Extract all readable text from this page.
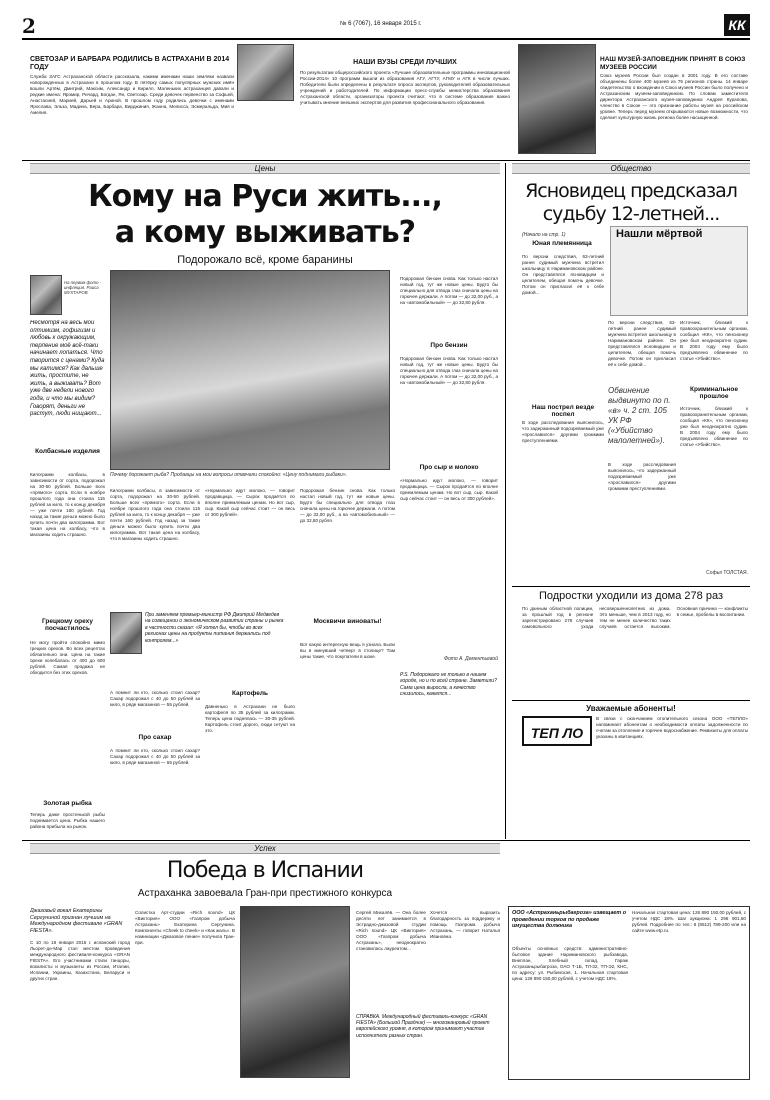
2	№ 6 (7067), 16 января 2015 г.	КК
СВЕТОЗАР И БАРБАРА РОДИЛИСЬ В АСТРАХАНИ В 2014 ГОДУ
Служба ЗАГС Астраханской области рассказала, какими именами наши земляки назвали новорожденных в Астрахани в прошлом году. В пятёрку самых популярных мужских имён вошли Артём, Дмитрий, Максим, Александр и Кирилл. Маленьких астраханцев давали и редкие имена: Яромир, Ричард, Богдан, Ян, Светозар. Среди девочек первенство за Софьей, Анастасией, Марией, Дарьей и Ариной. В прошлом году родились девочки с именами Ярослава, Эльза, Мадина, Вера, Барбара, Вирджиния, Жанна, Мелисса, Эсмеральда, Мия и Амелия.
НАШИ ВУЗЫ СРЕДИ ЛУЧШИХ
По результатам общероссийского проекта «Лучшие образовательные программы инновационной России-2014» 10 программ вышли из образования АГУ, АГТУ, АГМУ и АГК в числе лучших. Победители были определены в результате опроса экспертов, руководителей образовательных учреждений и работодателей. По информации пресс-службы министерства образования Астраханской области, организаторы проекта считают, что в системе образования важно учитывать мнение внешних экспертов для развития профессионального образования.
НАШ МУЗЕЙ-ЗАПОВЕДНИК ПРИНЯТ В СОЮЗ МУЗЕЕВ РОССИИ
Союз музеев России был создан в 2001 году. В его составе объединены более 400 музеев из 75 регионов страны. 14 январе свидетельство о вхождении в Союз музеев России было получено и Астраханским музеем-заповедником. По словам заместителя директора Астраханского музея-заповедника Андрея Курапова, членство в Союзе — это признание работы музея на российском уровне. Теперь перед музеем открываются новые возможности, что сделает культурную жизнь региона более насыщенной.
Цены
Кому на Руси жить...,
а кому выживать?
Подорожало всё, кроме баранины
На первом фото - инфляция. Раиса МУХТАРОВ
Несмотря на весь мой оптимизм, гофигизм и любовь к окружающим, терпение моё всё-таки начинает лопаться. Что творится с ценами? Куда мы катимся? Как дальше жить, простите, не жить, а выживать? Вот уже две недели нового года, и что мы видим? Говорят, деньги не растут, люди нищают...
Колбасные изделия
Килограмм колбасы, в зависимости от сорта, подорожал на 30-50 рублей. Больше всех «прямого» сорта. Если в ноябре прошлого года она стоила 115 рублей за кило, то к концу декабря — уже почти 160 рублей. Год назад за такие деньги можно было купить почти два килограмма. Вот такая цена на колбасу, что в магазины ходить страшно.
Грецкому ореху посчастилось
Не могу пройти спокойно мимо грецких орехов. Во всех рецептах обязательно они. Цена на такие орехи колебалась от 400 до 600 рублей. Самая продажа не обходится без этих орехов.
Золотая рыбка
Теперь даже простенькой рыбы поднимается цена. Рыбка нашего района прибыла на рынок.
Почему дорожает рыба? Продавцы на мои вопросы отвечали спокойно: «Цену поднимали рыбаки».
Килограмм колбасы, в зависимости от сорта, подорожал на 30-50 рублей. Больше всех «прямого» сорта. Если в ноябре прошлого года она стоила 115 рублей за кило, то к концу декабря — уже почти 160 рублей. Год назад за такие деньги можно было купить почти два килограмма. Вот такая цена на колбасу, что в магазины ходить страшно.
При заменяем премьер-министр РФ Дмитрий Медведев на совещании о экономическом развитии страны и рынка в частности сказал: «Я хотел бы, чтобы во всех регионах цены на продукты питания держались под контролем...»
«Нормально идут молоко, — говорит продавщица. — Сырок продаётся по вполне приемлемым ценам. Но вот сыр, сыр. Какой сыр сейчас стоит — он весь от 300 рублей».
Подорожал бензин снова. Как только настал новый год, тут же новые цены. Будто бы специально для отвода глаз сначала цены на горючее держали. А потом — до 32,00 руб., а на «автомобильный» — до 32,80 рубля.
А помнит ли кто, сколько стоил сахар? Сахар подорожал с 40 до 50 рублей за кило, в ряде магазинов — 55 рублей.
Про сахар
А помнит ли кто, сколько стоил сахар? Сахар подорожал с 40 до 50 рублей за кило, в ряде магазинов — 55 рублей.
Картофель
Давненько в Астрахани не было картофеля по 35 рублей за килограмм. Теперь цена поднялась — 30-35 рублей. Картофель стоит дорого, люди сетуют на это.
Москвичи виноваты!
Вот какую интересную вещь я узнала. Были вы в минувший четверг в столице? Там цены такие, что покупатели в шоке.
Подорожал бензин снова. Как только настал новый год, тут же новые цены. Будто бы специально для отвода глаз сначала цены на горючее держали. А потом — до 32,00 руб., а на «автомобильный» — до 32,80 рубля.
Про бензин
Подорожал бензин снова. Как только настал новый год, тут же новые цены. Будто бы специально для отвода глаз сначала цены на горючее держали. А потом — до 32,00 руб., а на «автомобильный» — до 32,80 рубля.
Про сыр и молоко
«Нормально идут молоко, — говорит продавщица. — Сырок продаётся по вполне приемлемым ценам. Но вот сыр, сыр. Какой сыр сейчас стоит — он весь от 300 рублей».
Фото А. Дементьевой
P.S. Подорожало не только в нашем городе, но и по всей стране. Заметили? Сама цена выросла, а качество снизилось, кажется...
Общество
Ясновидец предсказал
судьбу 12-летней...
(Начало на стр. 1)
Юная племянница
По версии следствия, 63-летний ранее судимый мужчина встретил школьницу в Наримановском районе. Он представлялся ясновидцем и целителем, обещая помочь девочке. Потом он пригласил её к себе домой...
Нашли мёртвой
По версии следствия, 63-летний ранее судимый мужчина встретил школьницу в Наримановском районе. Он представлялся ясновидцем и целителем, обещая помочь девочке. Потом он пригласил её к себе домой...
Источник, близкий к правоохранительным органам, сообщил «КК», что пенсионер уже был неоднократно судим. В 2004 году ему было предъявлено обвинение по статье «Убийство».
Наш пострел везде поспел
В ходе расследования выяснилось, что задержанный подозреваемый уже «прославился» другими громкими преступлениями.
Обвинение выдвинуто по п. «в» ч. 2 ст. 105 УК РФ («Убийство малолетней»).
В ходе расследования выяснилось, что задержанный подозреваемый уже «прославился» другими громкими преступлениями.
Криминальное прошлое
Источник, близкий к правоохранительным органам, сообщил «КК», что пенсионер уже был неоднократно судим. В 2004 году ему было предъявлено обвинение по статье «Убийство».
Софья ТОЛСТАЯ.
Подростки уходили из дома 278 раз
По данным областной полиции, за прошлый год в регионе зарегистрировано 278 случаев самовольного ухода несовершеннолетних из дома. Это меньше, чем в 2013 году, но тем не менее количество таких случаев остается высоким. Основная причина — конфликты в семье, пробелы в воспитании.
Уважаемые абоненты!
ТЕП ЛО
В связи с окончанием отопительного сезона ООО «ТЕПЛО» напоминает абонентам о необходимости оплаты задолженности по счетам за отопление и горячее водоснабжение. Реквизиты для оплаты указаны в квитанциях.
Успех
Победа в Испании
Астраханка завоевала Гран-при престижного конкурса
Джазовый вокал Екатерины Сергуниной признан лучшим на Международном фестивале «GRAN FIESTA».
С 10 по 18 января 2015 г. испанский город Льорет-де-Мар стал местом проведения международного фестиваля-конкурса «GRAN FIESTA». Его участниками стали танцоры, вокалисты и музыканты из России, Италии, Испании, Украины, Казахстана, Беларуси и других стран.
Солистка Арт-студии «Rich sound» ЦК «Виктория» ООО «Газпром добыча Астрахань» Екатерина Сергунина. Компоненты «Cheek to cheek» и «Как жаль». В номинации «Джазовое пение» получила Гран-при.
Сергей Михалёв. — Она более десяти лет занимается в Эстрадно-джазовой студии «Rich sound» ЦК «Виктория» ООО «Газпром добыча Астрахань», неоднократно становилась лауреатом...
Хочется выразить благодарность за поддержку и помощь Газпрома добыча Астрахань, — говорит Наталья Ивановна.
СПРАВКА. Международный фестиваль-конкурс «GRAN FIESTA» (Большой Праздник) — многожанровый проект европейского уровня, в котором принимают участие исполнители разных стран.
ООО «Астраханьрыбагроза» извещает о проведении торгов по продаже имущества должника
Объекты основных средств: административно-бытовое здание Наримановского рыбзавода, Внеплан, Хлебный склад, Гараж Астраханьрыбагроза, ОАО Т-1Б, ТЛ-32, ТП-Э2, КНС, по адресу: ул. Рыбинская, 1. Начальная стартовая цена: 128 890 150,00 рублей, с учетом НДС 18%.
Начальная стартовая цена: 128 890 150,00 рублей, с учетом НДС 18%. Шаг аукциона: 1 296 901,50 рублей. Подробнее по тел.: 8 (8512) 789-200 или на сайте www.etp.ru.
